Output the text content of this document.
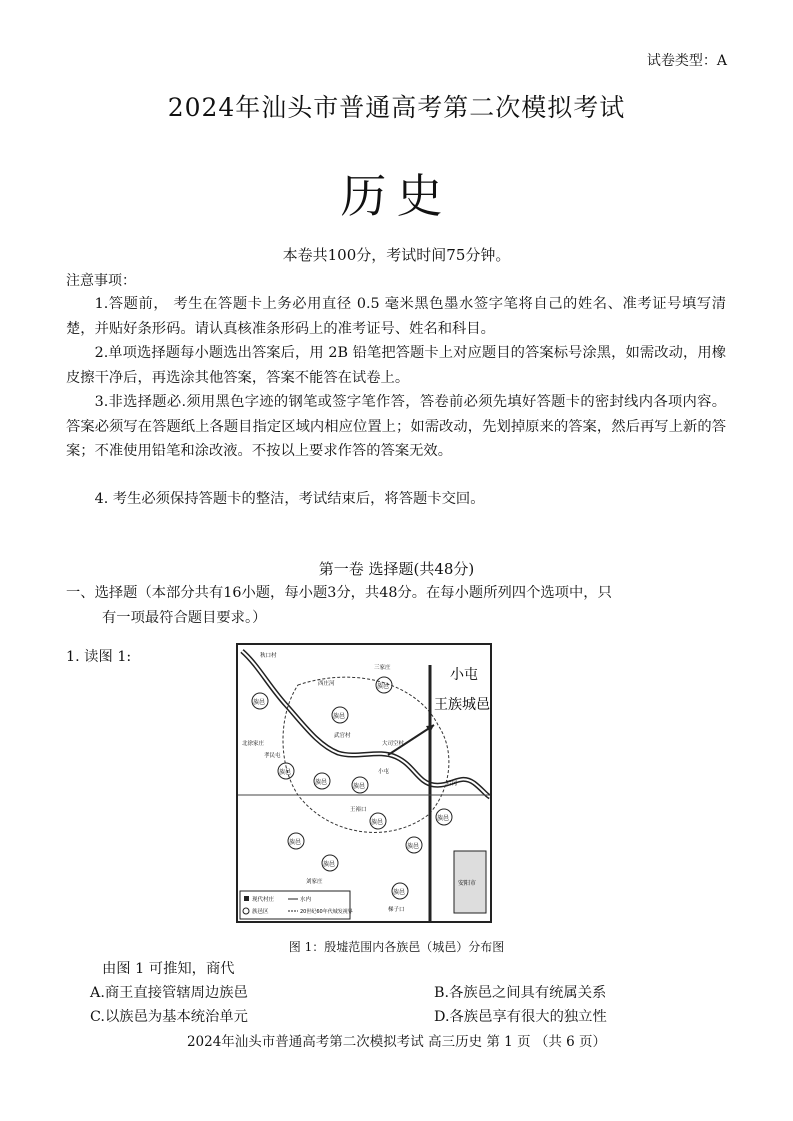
试卷类型：A
2024年汕头市普通高考第二次模拟考试
历史
本卷共100分，考试时间75分钟。
注意事项：
1.答题前， 考生在答题卡上务必用直径 0.5 毫米黑色墨水签字笔将自己的姓名、准考证号填写清楚，并贴好条形码。请认真核准条形码上的准考证号、姓名和科目。
2.单项选择题每小题选出答案后，用 2B 铅笔把答题卡上对应题目的答案标号涂黑，如需改动，用橡皮擦干净后，再选涂其他答案，答案不能答在试卷上。
3.非选择题必.须用黑色字迹的钢笔或签字笔作答，答卷前必须先填好答题卡的密封线内各项内容。答案必须写在答题纸上各题目指定区域内相应位置上；如需改动，先划掉原来的答案，然后再写上新的答案；不准使用铅笔和涂改液。不按以上要求作答的答案无效。
4. 考生必须保持答题卡的整洁，考试结束后，将答题卡交回。
第一卷 选择题(共48分)
一、选择题（本部分共有16小题，每小题3分，共48分。在每小题所列四个选项中，只
有一项最符合题目要求。）
1. 读图 1:
小屯
王族城邑
族邑
族邑
族邑
族邑
族邑
族邑
族邑
族邑
族邑
族邑
族邑
族邑
秋口村
三家庄
西庄河
王裕口
武官村
大司空村
刘家庄
梯子口
北徐家庄
孝民屯
小屯
后冈
安阳市
现代村庄
族邑区
水内
20世纪60年代城发视界
图 1：殷墟范围内各族邑（城邑）分布图
由图 1 可推知，商代
A.商王直接管辖周边族邑	B.各族邑之间具有统属关系
C.以族邑为基本统治单元	D.各族邑享有很大的独立性
2024年汕头市普通高考第二次模拟考试 高三历史 第 1 页 （共 6 页）
